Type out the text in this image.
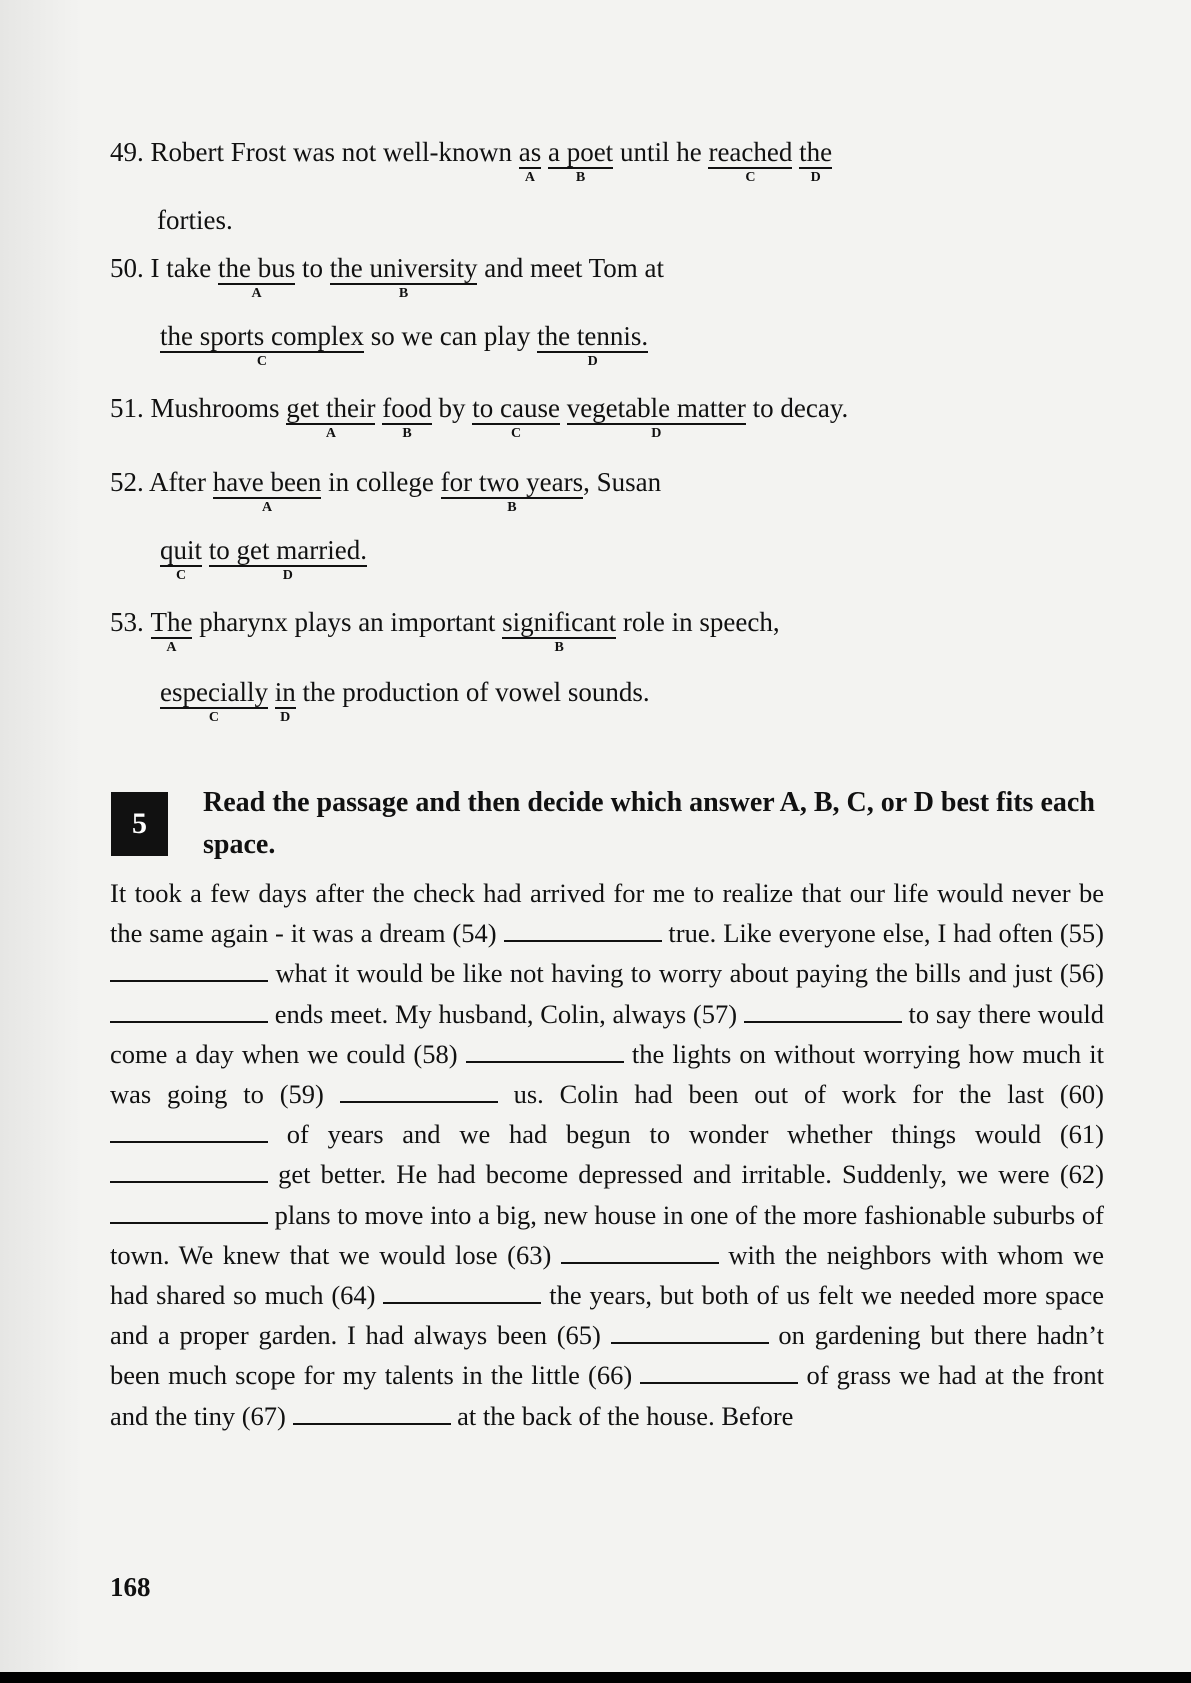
49. Robert Frost was not well-known as
A
a poet
B
until he reached
C
the
D
forties.
50. I take the bus
A
to the university
B
and meet Tom at
the sports complex
C
so we can play the tennis.
D
51. Mushrooms get their
A
food
B
by to cause
C
vegetable matter
D
to decay.
52. After have been
A
in college for two years
B
, Susan
quit
C
to get married.
D
53. The
A
pharynx plays an important significant
B
role in speech,
especially
C
in
D
the production of vowel sounds.
5
Read the passage and then decide which answer A, B, C, or D best fits each space.
It took a few days after the check had arrived for me to realize that our life would never be the same again - it was a dream (54)	true. Like everyone else, I had often (55)  what it would be like not having to worry about paying the bills and just (56)  ends meet. My husband, Colin, always (57)	to say there would come a day when we could (58)	the lights on without worrying how much it was going to (59)	us. Colin had been out of work for the last (60)  of years and we had begun to wonder whether things would (61)  get better. He had become depressed and irritable. Suddenly, we were (62)  plans to move into a big, new house in one of the more fashionable suburbs of town. We knew that we would lose (63)	with the neighbors with whom we had shared so much (64)	the years, but both of us felt we needed more space and a proper garden. I had always been (65)	on gardening but there hadn’t been much scope for my talents in the little (66)	of grass we had at the front and the tiny (67)	at the back of the house. Before
168
